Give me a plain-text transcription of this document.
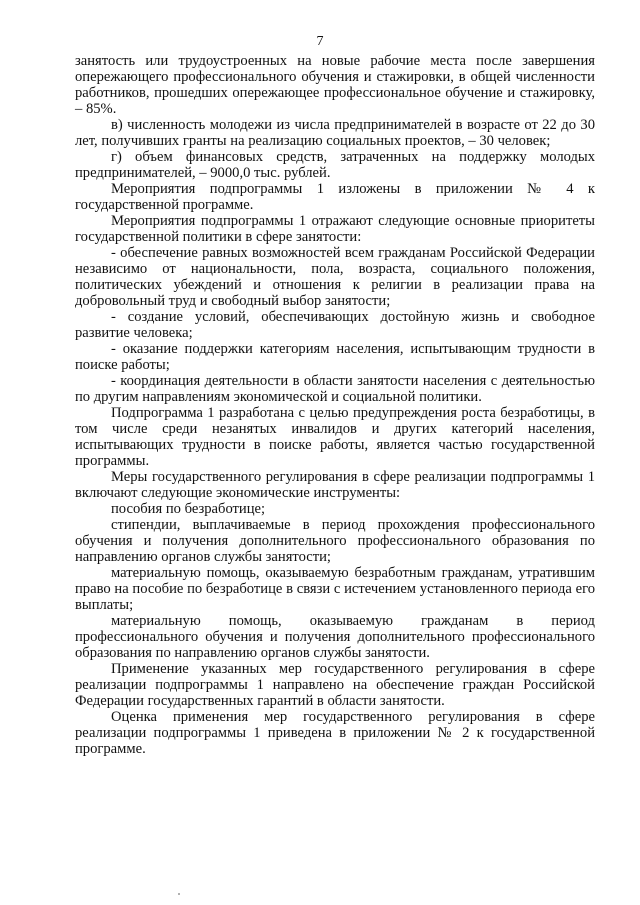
7

занятость или трудоустроенных на новые рабочие места после завершения опережающего профессионального обучения и стажировки, в общей численности работников, прошедших опережающее профессиональное обучение и стажировку, – 85%.

в) численность молодежи из числа предпринимателей в возрасте от 22 до 30 лет, получивших гранты на реализацию социальных проектов, – 30 человек;

г) объем финансовых средств, затраченных на поддержку молодых предпринимателей, – 9000,0 тыс. рублей.

Мероприятия подпрограммы 1 изложены в приложении № 4 к государственной программе.

Мероприятия подпрограммы 1 отражают следующие основные приоритеты государственной политики в сфере занятости:

- обеспечение равных возможностей всем гражданам Российской Федерации независимо от национальности, пола, возраста, социального положения, политических убеждений и отношения к религии в реализации права на добровольный труд и свободный выбор занятости;

- создание условий, обеспечивающих достойную жизнь и свободное развитие человека;

- оказание поддержки категориям населения, испытывающим трудности в поиске работы;

- координация деятельности в области занятости населения с деятельностью по другим направлениям экономической и социальной политики.

Подпрограмма 1 разработана с целью предупреждения роста безработицы, в том числе среди незанятых инвалидов и других категорий населения, испытывающих трудности в поиске работы, является частью государственной программы.

Меры государственного регулирования в сфере реализации подпрограммы 1 включают следующие экономические инструменты:

пособия по безработице;

стипендии, выплачиваемые в период прохождения профессионального обучения и получения дополнительного профессионального образования по направлению органов службы занятости;

материальную помощь, оказываемую безработным гражданам, утратившим право на пособие по безработице в связи с истечением установленного периода его выплаты;

материальную помощь, оказываемую гражданам в период профессионального обучения и получения дополнительного профессионального образования по направлению органов службы занятости.

Применение указанных мер государственного регулирования в сфере реализации подпрограммы 1 направлено на обеспечение граждан Российской Федерации государственных гарантий в области занятости.

Оценка применения мер государственного регулирования в сфере реализации подпрограммы 1 приведена в приложении № 2 к государственной программе.
